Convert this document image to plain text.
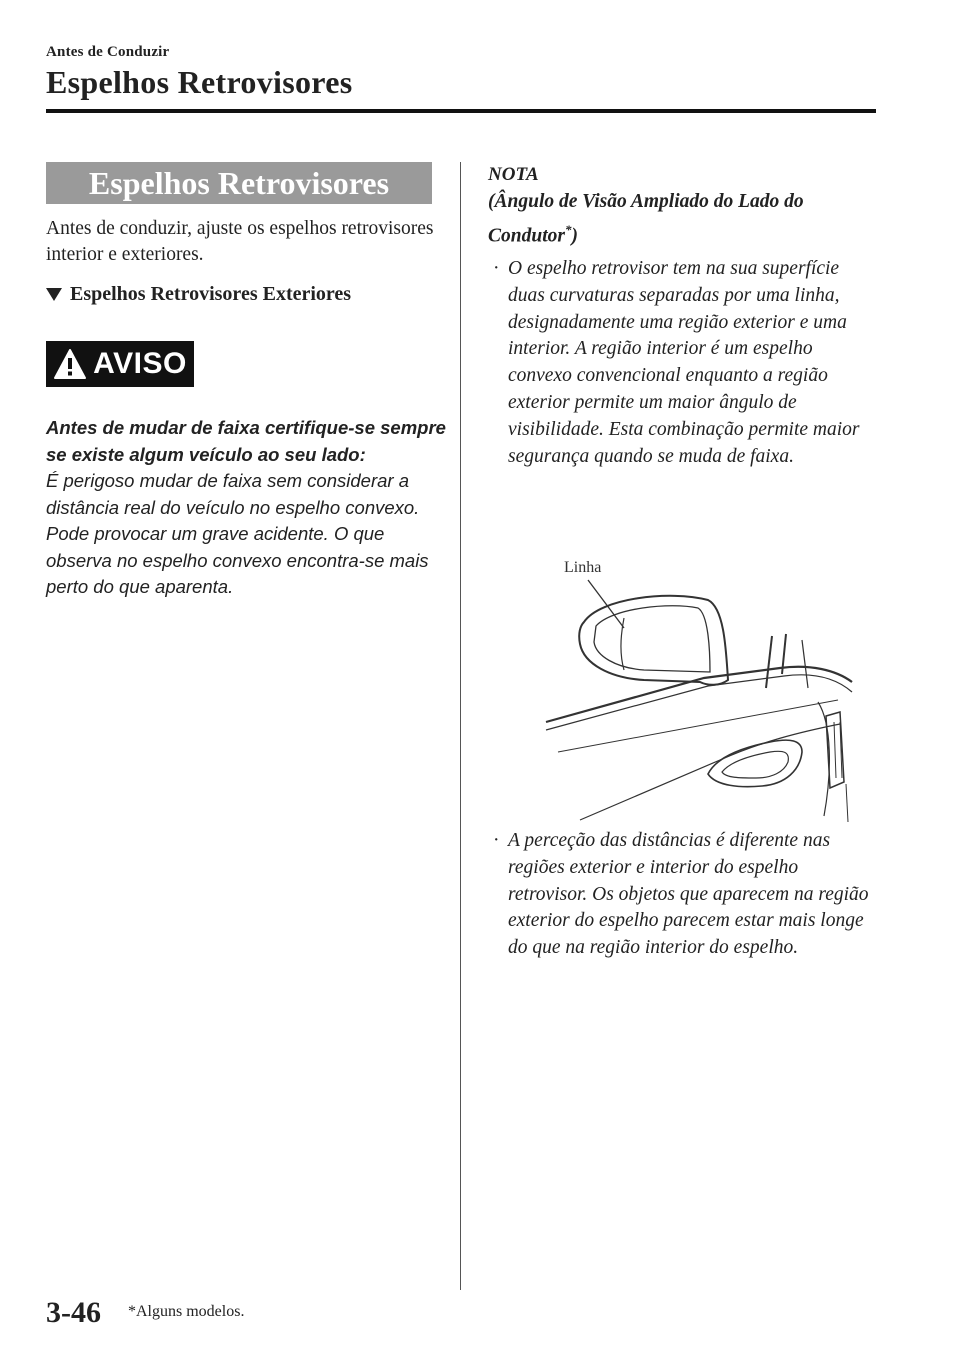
Antes de Conduzir
Espelhos Retrovisores
Espelhos Retrovisores
Antes de conduzir, ajuste os espelhos retrovisores interior e exteriores.
Espelhos Retrovisores Exteriores
AVISO
Antes de mudar de faixa certifique-se sempre se existe algum veículo ao seu lado:
É perigoso mudar de faixa sem considerar a distância real do veículo no espelho convexo. Pode provocar um grave acidente. O que observa no espelho convexo encontra-se mais perto do que aparenta.
NOTA
(Ângulo de Visão Ampliado do Lado do Condutor*)
· O espelho retrovisor tem na sua superfície duas curvaturas separadas por uma linha, designadamente uma região exterior e uma interior. A região interior é um espelho convexo convencional enquanto a região exterior permite um maior ângulo de visibilidade. Esta combinação permite maior segurança quando se muda de faixa.
Linha
· A perceção das distâncias é diferente nas regiões exterior e interior do espelho retrovisor. Os objetos que aparecem na região exterior do espelho parecem estar mais longe do que na região interior do espelho.
3-46 *Alguns modelos.
